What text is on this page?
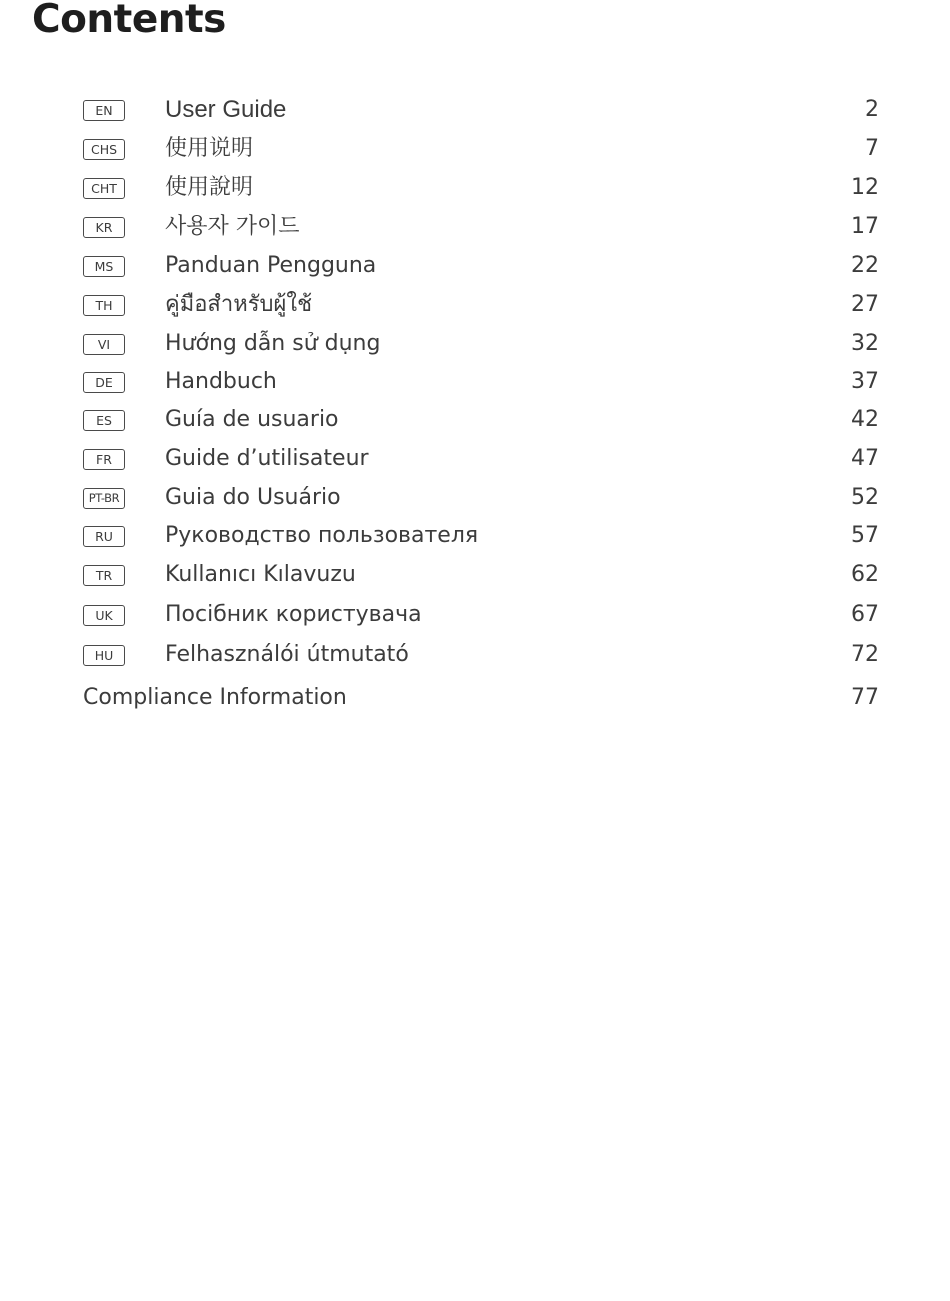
Contents
EN	User Guide	2
CHS	使用说明	7
CHT	使用說明	12
KR	사용자 가이드	17
MS	Panduan Pengguna	22
TH	คู่มือสำหรับผู้ใช้	27
VI	Hướng dẫn sử dụng	32
DE	Handbuch	37
ES	Guía de usuario	42
FR	Guide d’utilisateur	47
PT-BR Guia do Usuário	52
RU	Руководство пользователя	57
TR	Kullanıcı Kılavuzu	62
UK	Посібник користувача	67
HU	Felhasználói útmutató	72
Compliance Information	77
